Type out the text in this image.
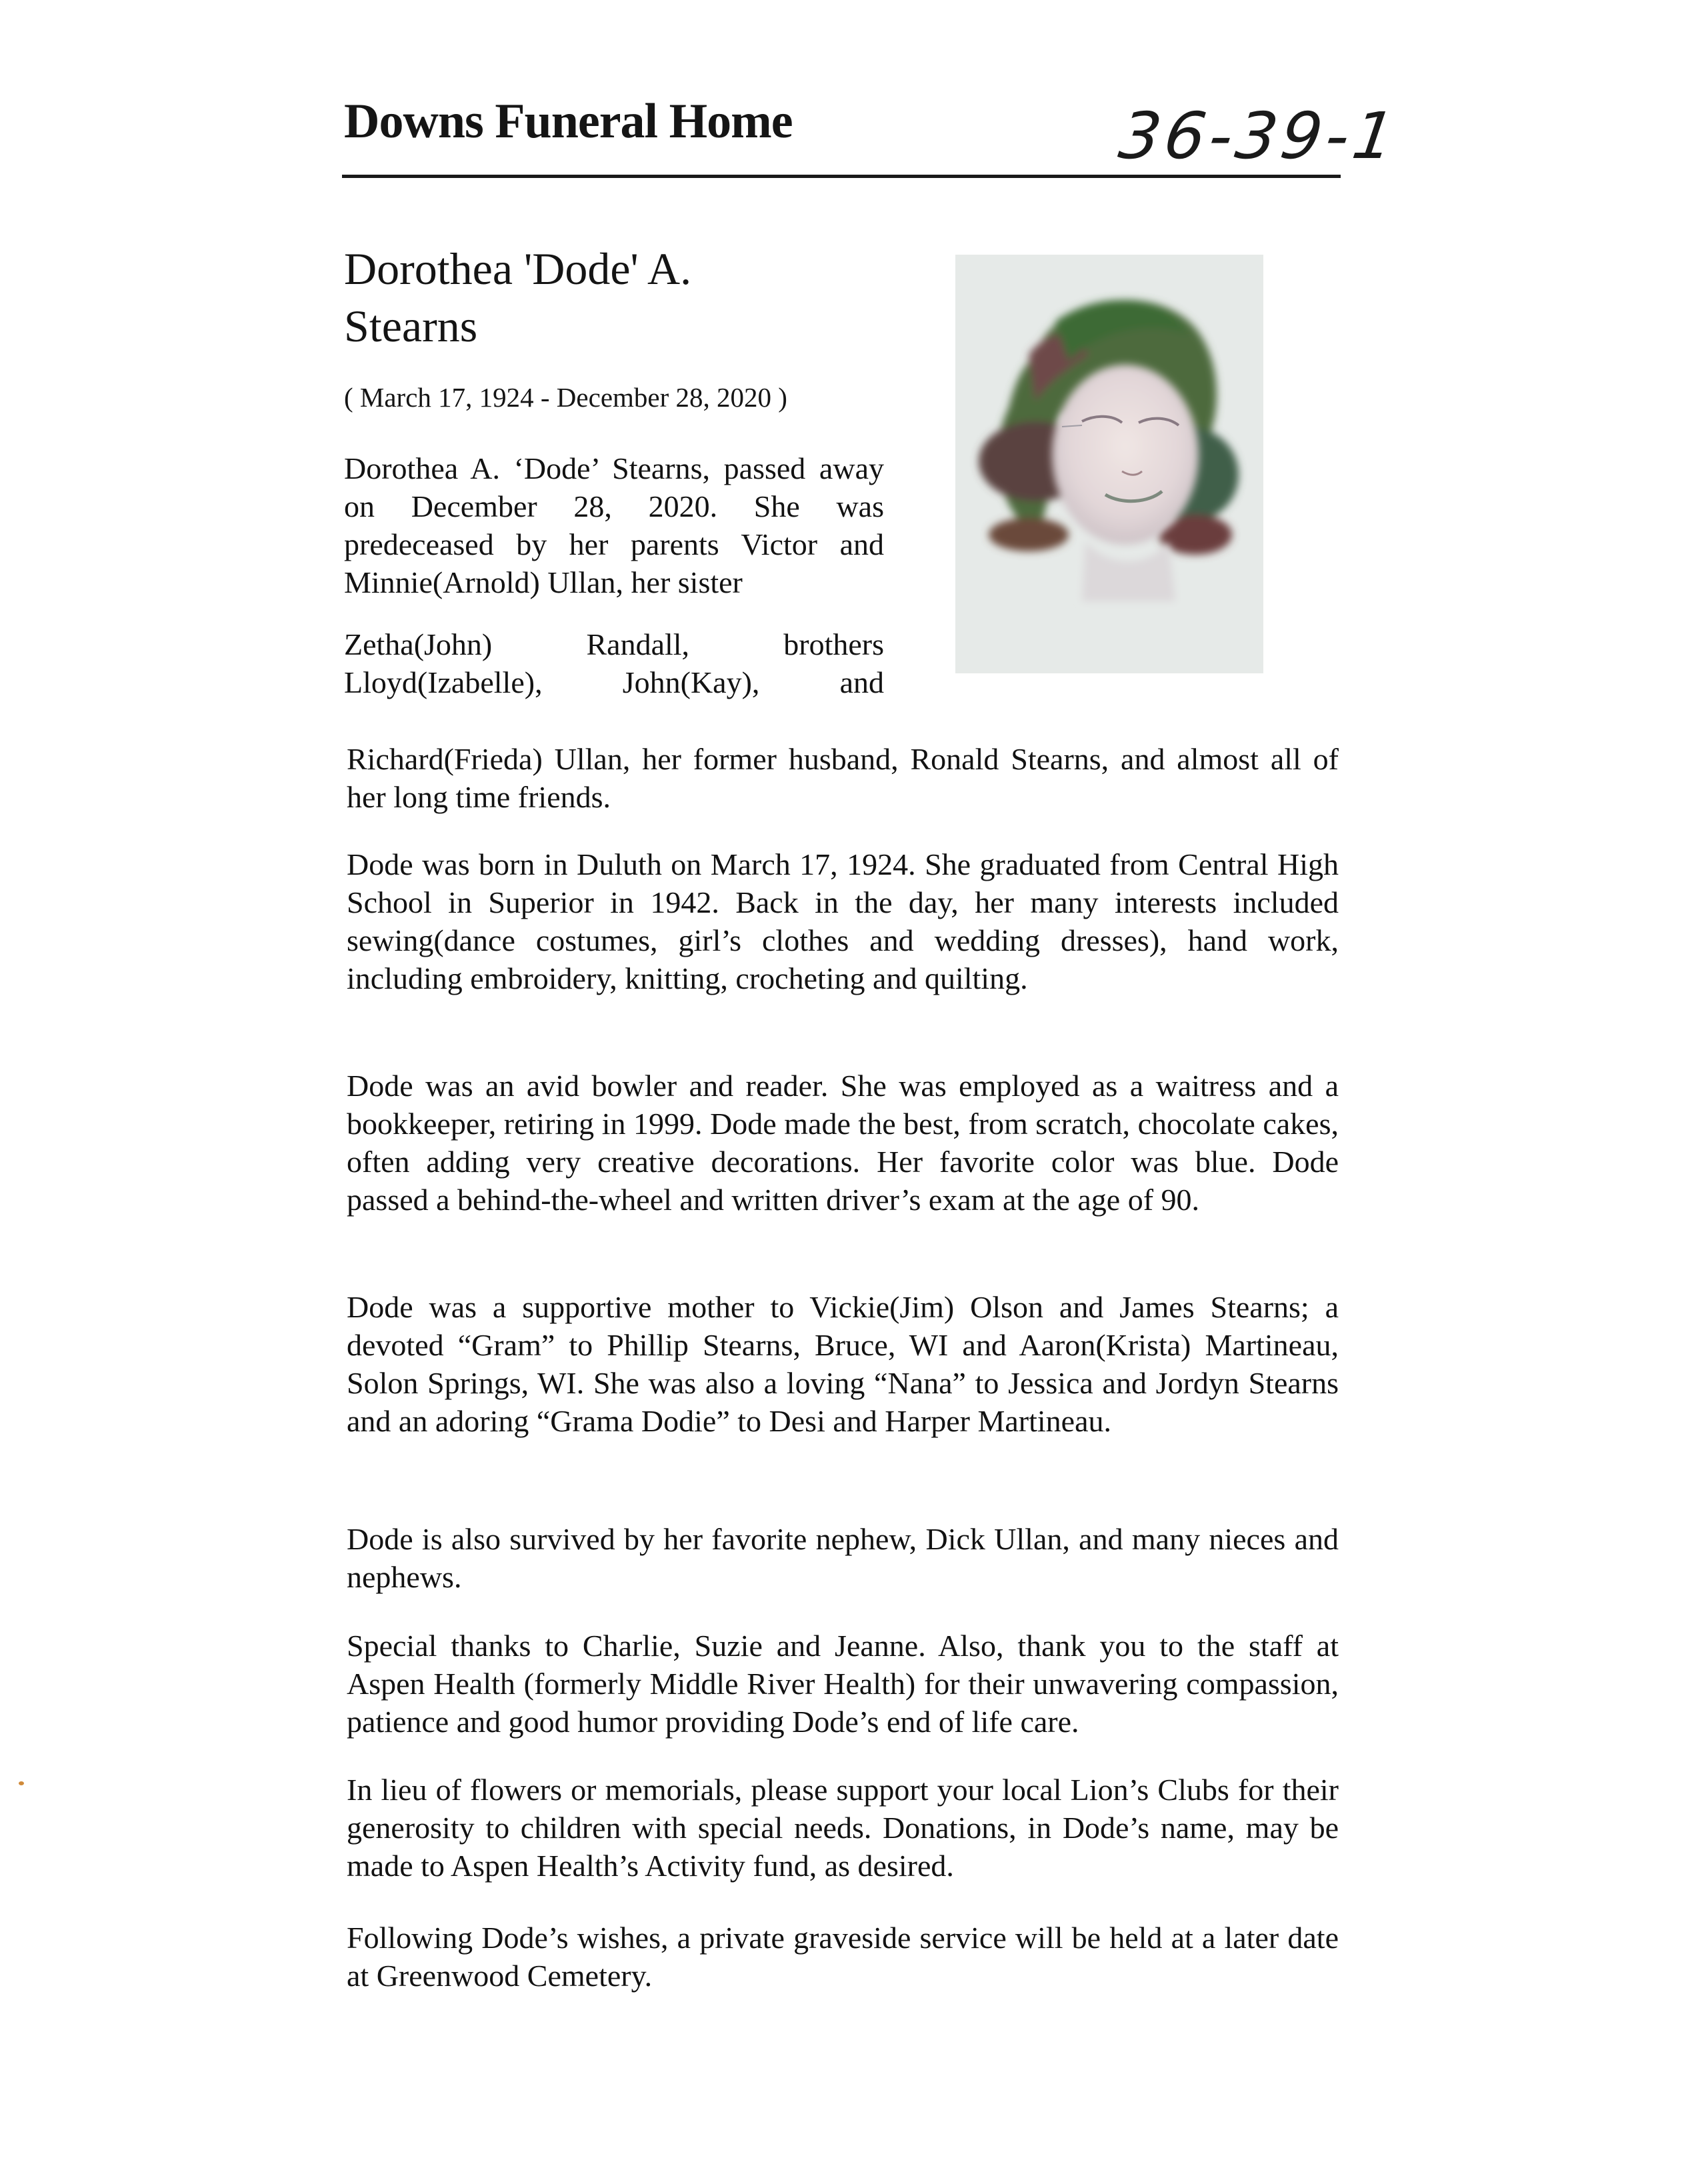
Downs Funeral Home	36-39-1
Dorothea 'Dode' A.
Stearns
( March 17, 1924 - December 28, 2020 )
Dorothea A. ‘Dode’ Stearns, passed away on December 28, 2020. She was predeceased by her parents Victor and Minnie(Arnold) Ullan, her sister
Zetha(John) Randall, brothers Lloyd(Izabelle), John(Kay), and
Richard(Frieda) Ullan, her former husband, Ronald Stearns, and almost all of her long time friends.
Dode was born in Duluth on March 17, 1924. She graduated from Central High School in Superior in 1942. Back in the day, her many interests included sewing(dance costumes, girl’s clothes and wedding dresses), hand work, including embroidery, knitting, crocheting and quilting.
Dode was an avid bowler and reader. She was employed as a waitress and a bookkeeper, retiring in 1999. Dode made the best, from scratch, chocolate cakes, often adding very creative decorations. Her favorite color was blue. Dode passed a behind-the-wheel and written driver’s exam at the age of 90.
Dode was a supportive mother to Vickie(Jim) Olson and James Stearns; a devoted “Gram” to Phillip Stearns, Bruce, WI and Aaron(Krista) Martineau, Solon Springs, WI. She was also a loving “Nana” to Jessica and Jordyn Stearns and an adoring “Grama Dodie” to Desi and Harper Martineau.
Dode is also survived by her favorite nephew, Dick Ullan, and many nieces and nephews.
Special thanks to Charlie, Suzie and Jeanne. Also, thank you to the staff at Aspen Health (formerly Middle River Health) for their unwavering compassion, patience and good humor providing Dode’s end of life care.
In lieu of flowers or memorials, please support your local Lion’s Clubs for their generosity to children with special needs. Donations, in Dode’s name, may be made to Aspen Health’s Activity fund, as desired.
Following Dode’s wishes, a private graveside service will be held at a later date at Greenwood Cemetery.
